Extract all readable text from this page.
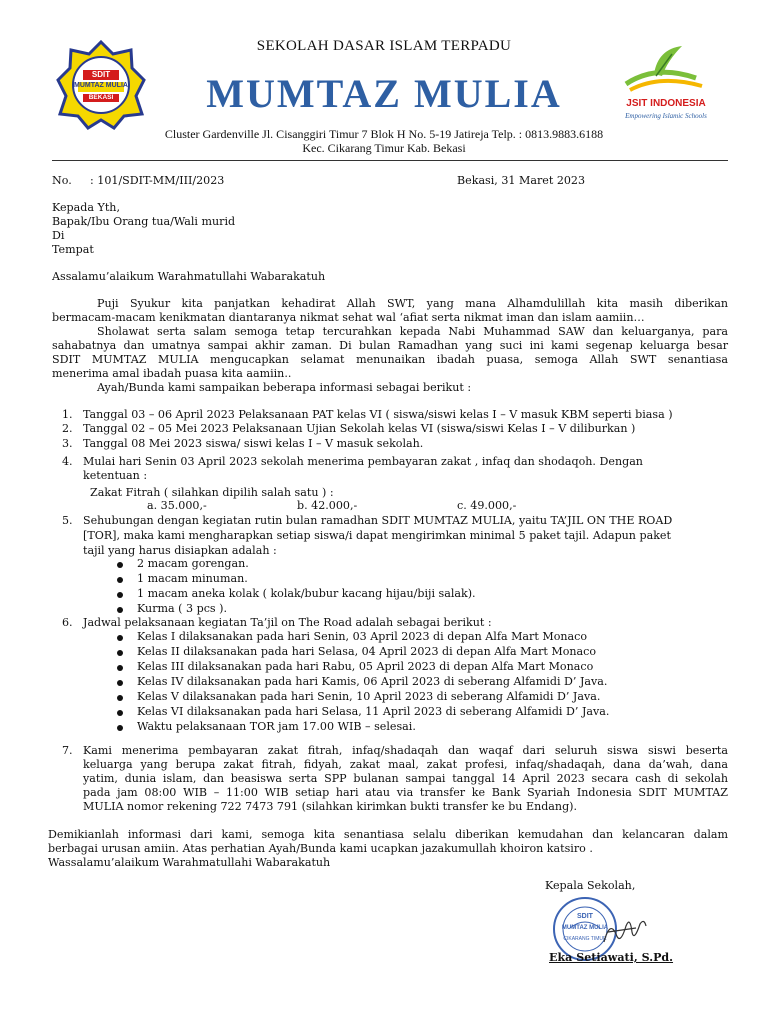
SDIT
MUMTAZ MULIA
BEKASI
SEKOLAH DASAR ISLAM TERPADU
MUMTAZ MULIA
Cluster Gardenville Jl. Cisanggiri Timur 7 Blok H No. 5-19 Jatireja Telp. : 0813.9883.6188
Kec. Cikarang Timur Kab. Bekasi
JSIT INDONESIA
Empowering Islamic Schools
No. : 101/SDIT-MM/III/2023	Bekasi, 31 Maret 2023
Kepada Yth,
Bapak/Ibu Orang tua/Wali murid
Di
Tempat
Assalamu’alaikum Warahmatullahi Wabarakatuh
Puji Syukur kita panjatkan kehadirat Allah SWT, yang mana Alhamdulillah kita masih diberikan
bermacam-macam kenikmatan diantaranya nikmat sehat wal ‘afiat serta nikmat iman dan islam aamiin…
Sholawat serta salam semoga tetap tercurahkan kepada Nabi Muhammad SAW dan keluarganya, para
sahabatnya dan umatnya sampai akhir zaman. Di bulan Ramadhan yang suci ini kami segenap keluarga besar
SDIT MUMTAZ MULIA mengucapkan selamat menunaikan ibadah puasa, semoga Allah SWT senantiasa
menerima amal ibadah puasa kita aamiin..
Ayah/Bunda kami sampaikan beberapa informasi sebagai berikut :
1. Tanggal 03 – 06 April 2023 Pelaksanaan PAT kelas VI ( siswa/siswi kelas I – V masuk KBM seperti biasa )
2. Tanggal 02 – 05 Mei 2023 Pelaksanaan Ujian Sekolah kelas VI (siswa/siswi Kelas I – V diliburkan )
3. Tanggal 08 Mei 2023 siswa/ siswi kelas I – V masuk sekolah.
4. Mulai hari Senin 03 April 2023 sekolah menerima pembayaran zakat , infaq dan shodaqoh. Dengan
ketentuan :
Zakat Fitrah ( silahkan dipilih salah satu ) :
a. 35.000,-	b. 42.000,-	c. 49.000,-
5. Sehubungan dengan kegiatan rutin bulan ramadhan SDIT MUMTAZ MULIA, yaitu TA’JIL ON THE ROAD
[TOR], maka kami mengharapkan setiap siswa/i dapat mengirimkan minimal 5 paket tajil. Adapun paket
tajil yang harus disiapkan adalah :
2 macam gorengan.
1 macam minuman.
1 macam aneka kolak ( kolak/bubur kacang hijau/biji salak).
Kurma ( 3 pcs ).
6. Jadwal pelaksanaan kegiatan Ta’jil on The Road adalah sebagai berikut :
Kelas I dilaksanakan pada hari Senin, 03 April 2023 di depan Alfa Mart Monaco
Kelas II dilaksanakan pada hari Selasa, 04 April 2023 di depan Alfa Mart Monaco
Kelas III dilaksanakan pada hari Rabu, 05 April 2023 di depan Alfa Mart Monaco
Kelas IV dilaksanakan pada hari Kamis, 06 April 2023 di seberang Alfamidi D’ Java.
Kelas V dilaksanakan pada hari Senin, 10 April 2023 di seberang Alfamidi D’ Java.
Kelas VI dilaksanakan pada hari Selasa, 11 April 2023 di seberang Alfamidi D’ Java.
Waktu pelaksanaan TOR jam 17.00 WIB – selesai.
7. Kami menerima pembayaran zakat fitrah, infaq/shadaqah dan waqaf dari seluruh siswa siswi beserta
keluarga yang berupa zakat fitrah, fidyah, zakat maal, zakat profesi, infaq/shadaqah, dana da’wah, dana
yatim, dunia islam, dan beasiswa serta SPP bulanan sampai tanggal 14 April 2023 secara cash di sekolah
pada jam 08:00 WIB – 11:00 WIB setiap hari atau via transfer ke Bank Syariah Indonesia SDIT MUMTAZ
MULIA nomor rekening 722 7473 791 (silahkan kirimkan bukti transfer ke bu Endang).
Demikianlah informasi dari kami, semoga kita senantiasa selalu diberikan kemudahan dan kelancaran dalam
berbagai urusan amiin. Atas perhatian Ayah/Bunda kami ucapkan jazakumullah khoiron katsiro .
Wassalamu’alaikum Warahmatullahi Wabarakatuh
Kepala Sekolah,
SDIT
MUMTAZ MULIA
CIKARANG TIMUR
Eka Setiawati, S.Pd.
